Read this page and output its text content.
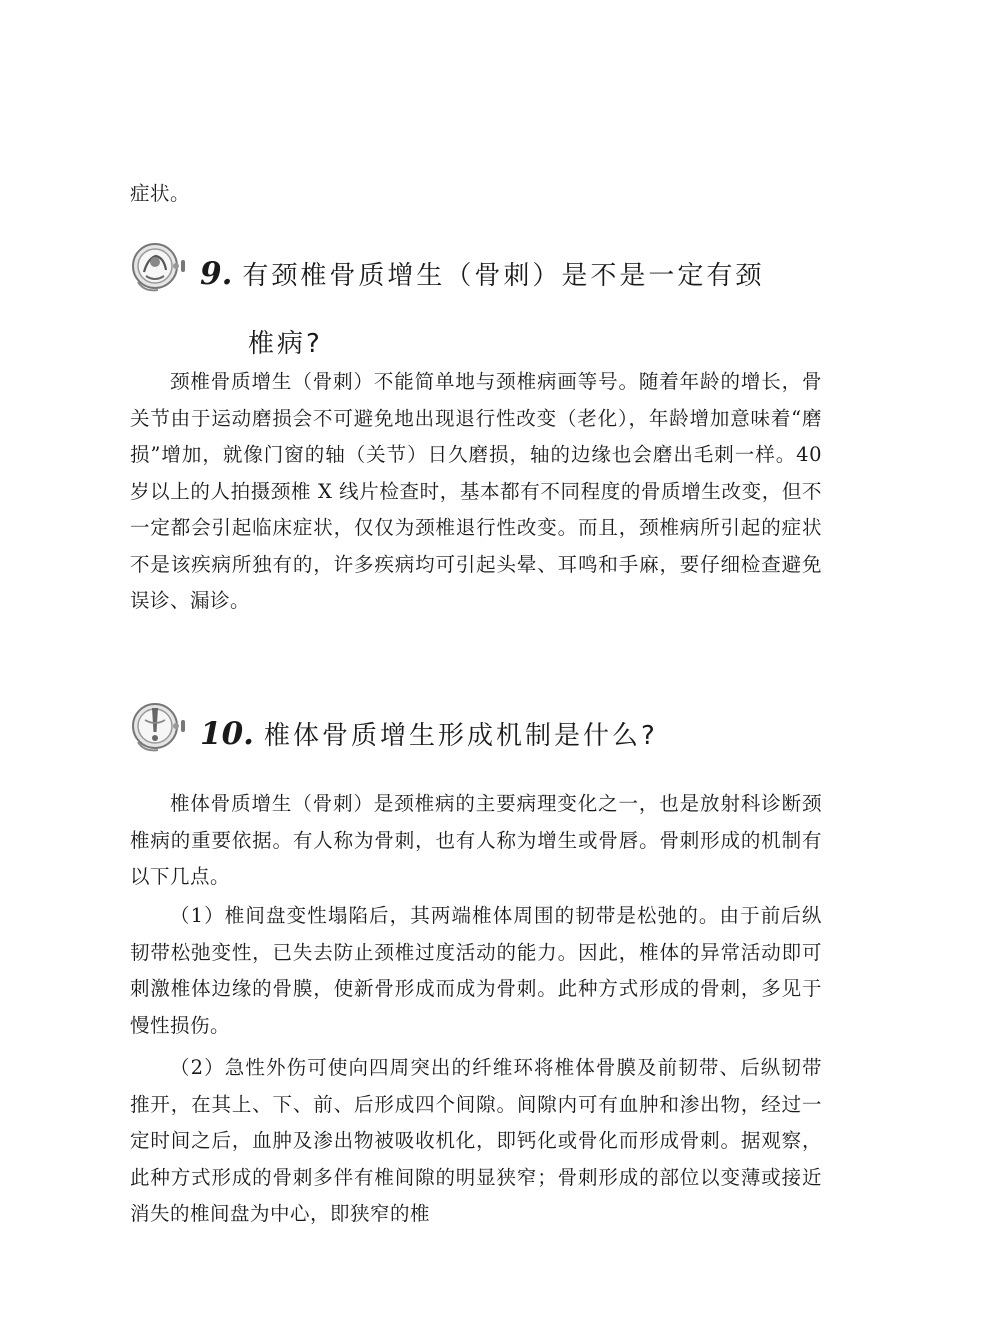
症状。

9. 有颈椎骨质增生（骨刺）是不是一定有颈
椎病?

颈椎骨质增生（骨刺）不能简单地与颈椎病画等号。随着年龄的增长，骨关节由于运动磨损会不可避免地出现退行性改变（老化），年龄增加意味着“磨损”增加，就像门窗的轴（关节）日久磨损，轴的边缘也会磨出毛刺一样。40 岁以上的人拍摄颈椎 X 线片检查时，基本都有不同程度的骨质增生改变，但不一定都会引起临床症状，仅仅为颈椎退行性改变。而且，颈椎病所引起的症状不是该疾病所独有的，许多疾病均可引起头晕、耳鸣和手麻，要仔细检查避免误诊、漏诊。

10. 椎体骨质增生形成机制是什么?

椎体骨质增生（骨刺）是颈椎病的主要病理变化之一，也是放射科诊断颈椎病的重要依据。有人称为骨刺，也有人称为增生或骨唇。骨刺形成的机制有以下几点。

（1）椎间盘变性塌陷后，其两端椎体周围的韧带是松弛的。由于前后纵韧带松弛变性，已失去防止颈椎过度活动的能力。因此，椎体的异常活动即可刺激椎体边缘的骨膜，使新骨形成而成为骨刺。此种方式形成的骨刺，多见于慢性损伤。

（2）急性外伤可使向四周突出的纤维环将椎体骨膜及前韧带、后纵韧带推开，在其上、下、前、后形成四个间隙。间隙内可有血肿和渗出物，经过一定时间之后，血肿及渗出物被吸收机化，即钙化或骨化而形成骨刺。据观察，此种方式形成的骨刺多伴有椎间隙的明显狭窄；骨刺形成的部位以变薄或接近消失的椎间盘为中心，即狭窄的椎
